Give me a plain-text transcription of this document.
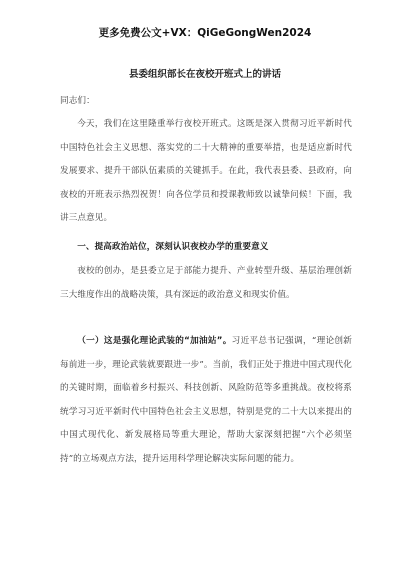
更多免费公文+VX：QiGeGongWen2024
县委组织部长在夜校开班式上的讲话
同志们：
今天，我们在这里隆重举行夜校开班式。这既是深入贯彻习近平新时代中国特色社会主义思想、落实党的二十大精神的重要举措，也是适应新时代发展要求、提升干部队伍素质的关键抓手。在此，我代表县委、县政府，向夜校的开班表示热烈祝贺！向各位学员和授课教师致以诚挚问候！下面，我讲三点意见。
一、提高政治站位，深刻认识夜校办学的重要意义
夜校的创办，是县委立足于部能力提升、产业转型升级、基层治理创新三大维度作出的战略决策，具有深远的政治意义和现实价值。
（一）这是强化理论武装的“加油站”。习近平总书记强调，“理论创新每前进一步，理论武装就要跟进一步”。当前，我们正处于推进中国式现代化的关键时期，面临着乡村振兴、科技创新、风险防范等多重挑战。夜校将系统学习习近平新时代中国特色社会主义思想，特别是党的二十大以来提出的中国式现代化、新发展格局等重大理论，帮助大家深刻把握“六个必须坚持”的立场观点方法，提升运用科学理论解决实际问题的能力。
